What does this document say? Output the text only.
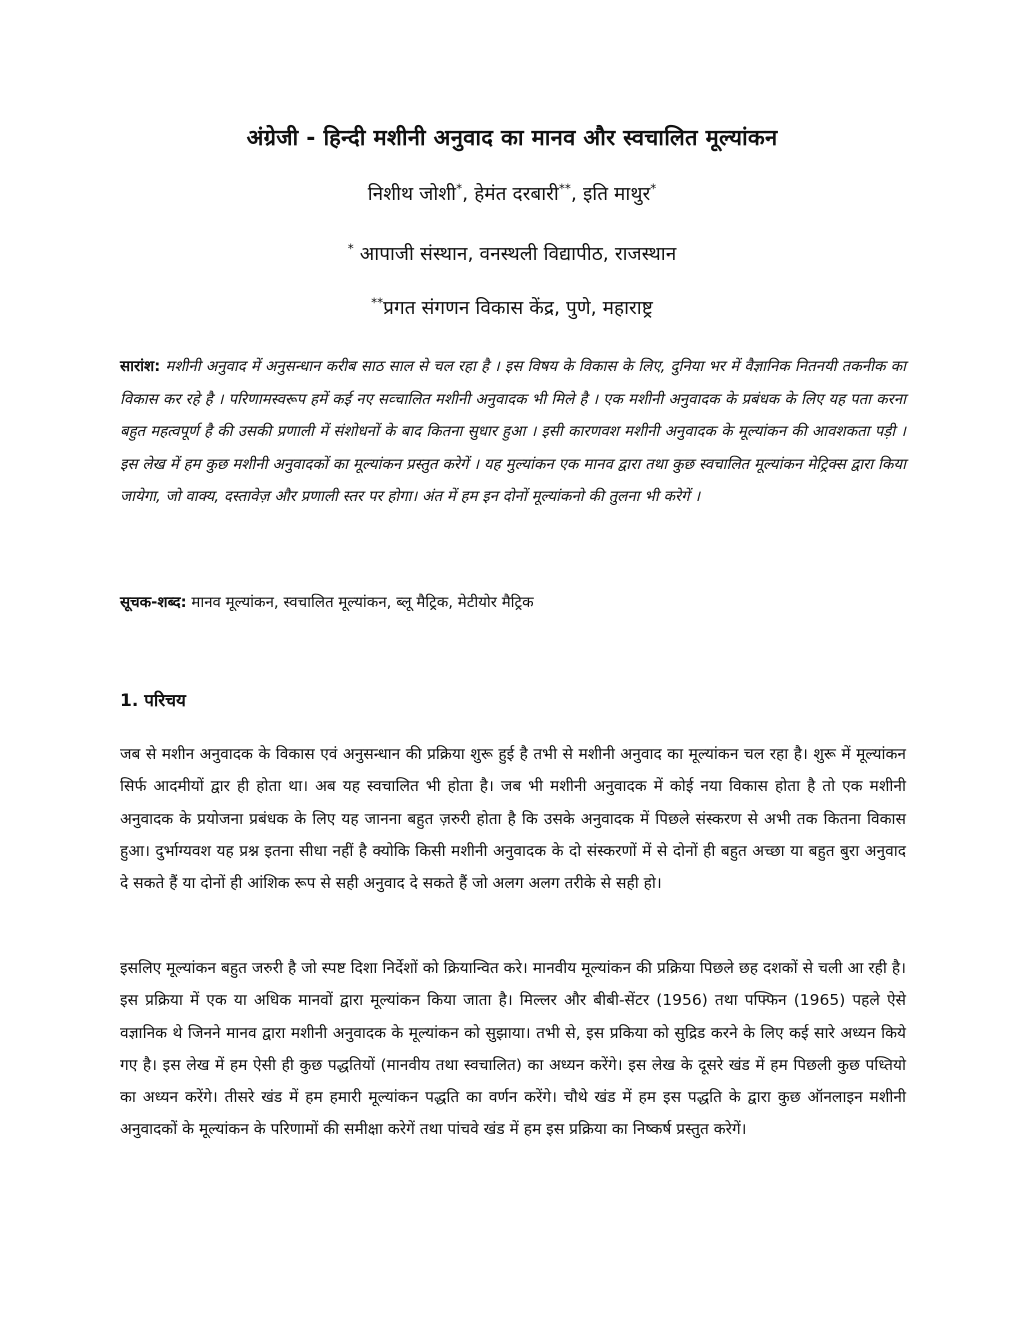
अंग्रेजी - हिन्दी मशीनी अनुवाद का मानव और स्वचालित मूल्यांकन
निशीथ जोशी*, हेमंत दरबारी**, इति माथुर*
* आपाजी संस्थान, वनस्थली विद्यापीठ, राजस्थान
**प्रगत संगणन विकास केंद्र, पुणे, महाराष्ट्र
सारांश: मशीनी अनुवाद में अनुसन्धान करीब साठ साल से चल रहा है । इस विषय के विकास के लिए, दुनिया भर में वैज्ञानिक नितनयी तकनीक का विकास कर रहे है । परिणामस्वरूप हमें कई नए सव्चालित मशीनी अनुवादक भी मिले है । एक मशीनी अनुवादक के प्रबंधक के लिए यह पता करना बहुत महत्वपूर्ण है की उसकी प्रणाली में संशोधनों के बाद कितना सुधार हुआ । इसी कारणवश मशीनी अनुवादक के मूल्यांकन की आवशकता पड़ी । इस लेख में हम कुछ मशीनी अनुवादकों का मूल्यांकन प्रस्तुत करेगें । यह मुल्यांकन एक मानव द्वारा तथा कुछ स्वचालित मूल्यांकन मेट्रिक्स द्वारा किया जायेगा, जो वाक्य, दस्तावेज़ और प्रणाली स्तर पर होगा। अंत में हम इन दोनों मूल्यांकनो की तुलना भी करेगें ।
सूचक-शब्द: मानव मूल्यांकन, स्वचालित मूल्यांकन, ब्लू मैट्रिक, मेटीयोर मैट्रिक
1. परिचय
जब से मशीन अनुवादक के विकास एवं अनुसन्धान की प्रक्रिया शुरू हुई है तभी से मशीनी अनुवाद का मूल्यांकन चल रहा है। शुरू में मूल्यांकन सिर्फ आदमीयों द्वार ही होता था। अब यह स्वचालित भी होता है। जब भी मशीनी अनुवादक में कोई नया विकास होता है तो एक मशीनी अनुवादक के प्रयोजना प्रबंधक के लिए यह जानना बहुत ज़रुरी होता है कि उसके अनुवादक में पिछले संस्करण से अभी तक कितना विकास हुआ। दुर्भाग्यवश यह प्रश्न इतना सीधा नहीं है क्योकि किसी मशीनी अनुवादक के दो संस्करणों में से दोनों ही बहुत अच्छा या बहुत बुरा अनुवाद दे सकते हैं या दोनों ही आंशिक रूप से सही अनुवाद दे सकते हैं जो अलग अलग तरीके से सही हो।
इसलिए मूल्यांकन बहुत जरुरी है जो स्पष्ट दिशा निर्देशों को क्रियान्वित करे। मानवीय मूल्यांकन की प्रक्रिया पिछले छह दशकों से चली आ रही है। इस प्रक्रिया में एक या अधिक मानवों द्वारा मूल्यांकन किया जाता है। मिल्लर और बीबी-सेंटर (1956) तथा पफ्फिन (1965) पहले ऐसे वज्ञानिक थे जिनने मानव द्वारा मशीनी अनुवादक के मूल्यांकन को सुझाया। तभी से, इस प्रकिया को सुद्रिड करने के लिए कई सारे अध्यन किये गए है। इस लेख में हम ऐसी ही कुछ पद्धतियों (मानवीय तथा स्वचालित) का अध्यन करेंगे। इस लेख के दूसरे खंड में हम पिछली कुछ पध्तियो का अध्यन करेंगे। तीसरे खंड में हम हमारी मूल्यांकन पद्धति का वर्णन करेंगे। चौथे खंड में हम इस पद्धति के द्वारा कुछ ऑनलाइन मशीनी अनुवादकों के मूल्यांकन के परिणामों की समीक्षा करेगें तथा पांचवे खंड में हम इस प्रक्रिया का निष्कर्ष प्रस्तुत करेगें।
